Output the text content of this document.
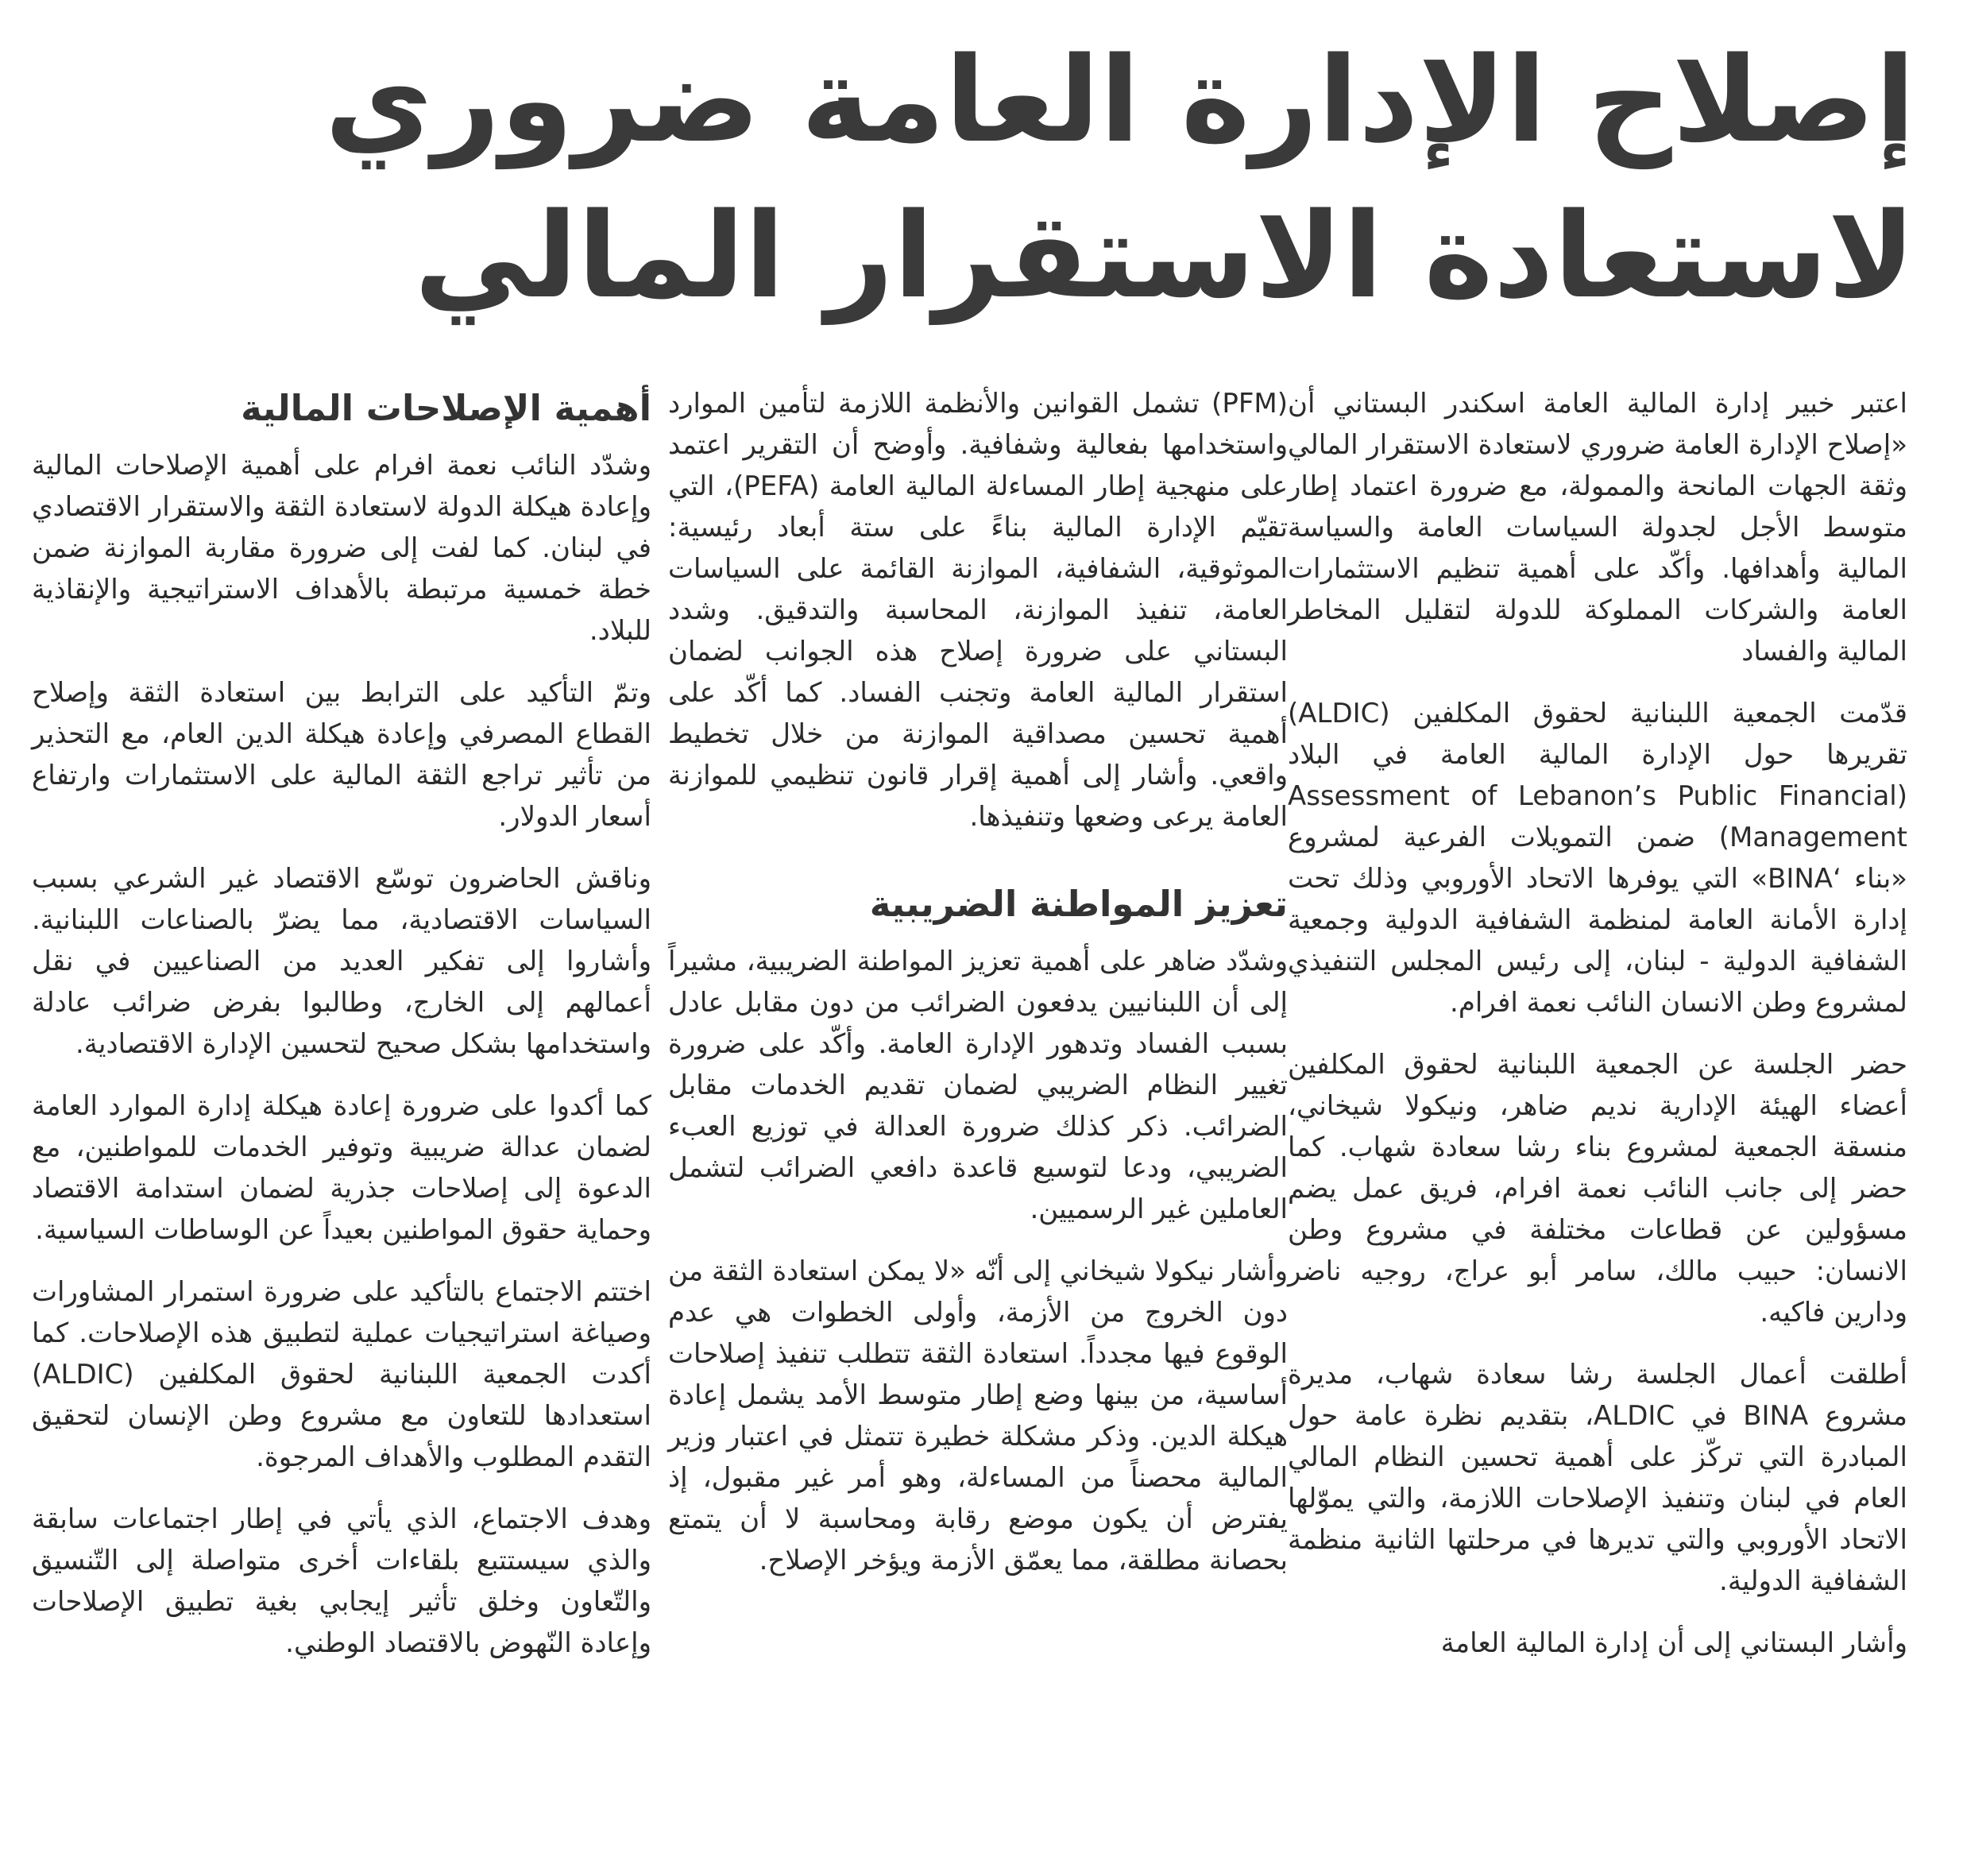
إصلاح الإدارة العامة ضروري لاستعادة الاستقرار المالي

اعتبر خبير إدارة المالية العامة اسكندر البستاني أن «إصلاح الإدارة العامة ضروري لاستعادة الاستقرار المالي وثقة الجهات المانحة والممولة، مع ضرورة اعتماد إطار متوسط الأجل لجدولة السياسات العامة والسياسة المالية وأهدافها. وأكّد على أهمية تنظيم الاستثمارات العامة والشركات المملوكة للدولة لتقليل المخاطر المالية والفساد

قدّمت الجمعية اللبنانية لحقوق المكلفين (ALDIC) تقريرها حول الإدارة المالية العامة في البلاد Assessment of Lebanon’s Public Financial) (Management ضمن التمويلات الفرعية لمشروع «بناء ‘BINA» التي يوفرها الاتحاد الأوروبي وذلك تحت إدارة الأمانة العامة لمنظمة الشفافية الدولية وجمعية الشفافية الدولية - لبنان، إلى رئيس المجلس التنفيذي لمشروع وطن الانسان النائب نعمة افرام.

حضر الجلسة عن الجمعية اللبنانية لحقوق المكلفين أعضاء الهيئة الإدارية نديم ضاهر، ونيكولا شيخاني، منسقة الجمعية لمشروع بناء رشا سعادة شهاب. كما حضر إلى جانب النائب نعمة افرام، فريق عمل يضم مسؤولين عن قطاعات مختلفة في مشروع وطن الانسان: حبيب مالك، سامر أبو عراج، روجيه ناضر ودارين فاكيه.

أطلقت أعمال الجلسة رشا سعادة شهاب، مديرة مشروع BINA في ALDIC، بتقديم نظرة عامة حول المبادرة التي تركّز على أهمية تحسين النظام المالي العام في لبنان وتنفيذ الإصلاحات اللازمة، والتي يموّلها الاتحاد الأوروبي والتي تديرها في مرحلتها الثانية منظمة الشفافية الدولية.

وأشار البستاني إلى أن إدارة المالية العامة

(PFM) تشمل القوانين والأنظمة اللازمة لتأمين الموارد واستخدامها بفعالية وشفافية. وأوضح أن التقرير اعتمد على منهجية إطار المساءلة المالية العامة (PEFA)، التي تقيّم الإدارة المالية بناءً على ستة أبعاد رئيسية: الموثوقية، الشفافية، الموازنة القائمة على السياسات العامة، تنفيذ الموازنة، المحاسبة والتدقيق. وشدد البستاني على ضرورة إصلاح هذه الجوانب لضمان استقرار المالية العامة وتجنب الفساد. كما أكّد على أهمية تحسين مصداقية الموازنة من خلال تخطيط واقعي. وأشار إلى أهمية إقرار قانون تنظيمي للموازنة العامة يرعى وضعها وتنفيذها.

تعزيز المواطنة الضريبية

وشدّد ضاهر على أهمية تعزيز المواطنة الضريبية، مشيراً إلى أن اللبنانيين يدفعون الضرائب من دون مقابل عادل بسبب الفساد وتدهور الإدارة العامة. وأكّد على ضرورة تغيير النظام الضريبي لضمان تقديم الخدمات مقابل الضرائب. ذكر كذلك ضرورة العدالة في توزيع العبء الضريبي، ودعا لتوسيع قاعدة دافعي الضرائب لتشمل العاملين غير الرسميين.

وأشار نيكولا شيخاني إلى أنّه «لا يمكن استعادة الثقة من دون الخروج من الأزمة، وأولى الخطوات هي عدم الوقوع فيها مجدداً. استعادة الثقة تتطلب تنفيذ إصلاحات أساسية، من بينها وضع إطار متوسط الأمد يشمل إعادة هيكلة الدين. وذكر مشكلة خطيرة تتمثل في اعتبار وزير المالية محصناً من المساءلة، وهو أمر غير مقبول، إذ يفترض أن يكون موضع رقابة ومحاسبة لا أن يتمتع بحصانة مطلقة، مما يعمّق الأزمة ويؤخر الإصلاح.

أهمية الإصلاحات المالية

وشدّد النائب نعمة افرام على أهمية الإصلاحات المالية وإعادة هيكلة الدولة لاستعادة الثقة والاستقرار الاقتصادي في لبنان. كما لفت إلى ضرورة مقاربة الموازنة ضمن خطة خمسية مرتبطة بالأهداف الاستراتيجية والإنقاذية للبلاد.

وتمّ التأكيد على الترابط بين استعادة الثقة وإصلاح القطاع المصرفي وإعادة هيكلة الدين العام، مع التحذير من تأثير تراجع الثقة المالية على الاستثمارات وارتفاع أسعار الدولار.

وناقش الحاضرون توسّع الاقتصاد غير الشرعي بسبب السياسات الاقتصادية، مما يضرّ بالصناعات اللبنانية. وأشاروا إلى تفكير العديد من الصناعيين في نقل أعمالهم إلى الخارج، وطالبوا بفرض ضرائب عادلة واستخدامها بشكل صحيح لتحسين الإدارة الاقتصادية.

كما أكدوا على ضرورة إعادة هيكلة إدارة الموارد العامة لضمان عدالة ضريبية وتوفير الخدمات للمواطنين، مع الدعوة إلى إصلاحات جذرية لضمان استدامة الاقتصاد وحماية حقوق المواطنين بعيداً عن الوساطات السياسية.

اختتم الاجتماع بالتأكيد على ضرورة استمرار المشاورات وصياغة استراتيجيات عملية لتطبيق هذه الإصلاحات. كما أكدت الجمعية اللبنانية لحقوق المكلفين (ALDIC) استعدادها للتعاون مع مشروع وطن الإنسان لتحقيق التقدم المطلوب والأهداف المرجوة.

وهدف الاجتماع، الذي يأتي في إطار اجتماعات سابقة والذي سيستتبع بلقاءات أخرى متواصلة إلى التّنسيق والتّعاون وخلق تأثير إيجابي بغية تطبيق الإصلاحات وإعادة النّهوض بالاقتصاد الوطني.
